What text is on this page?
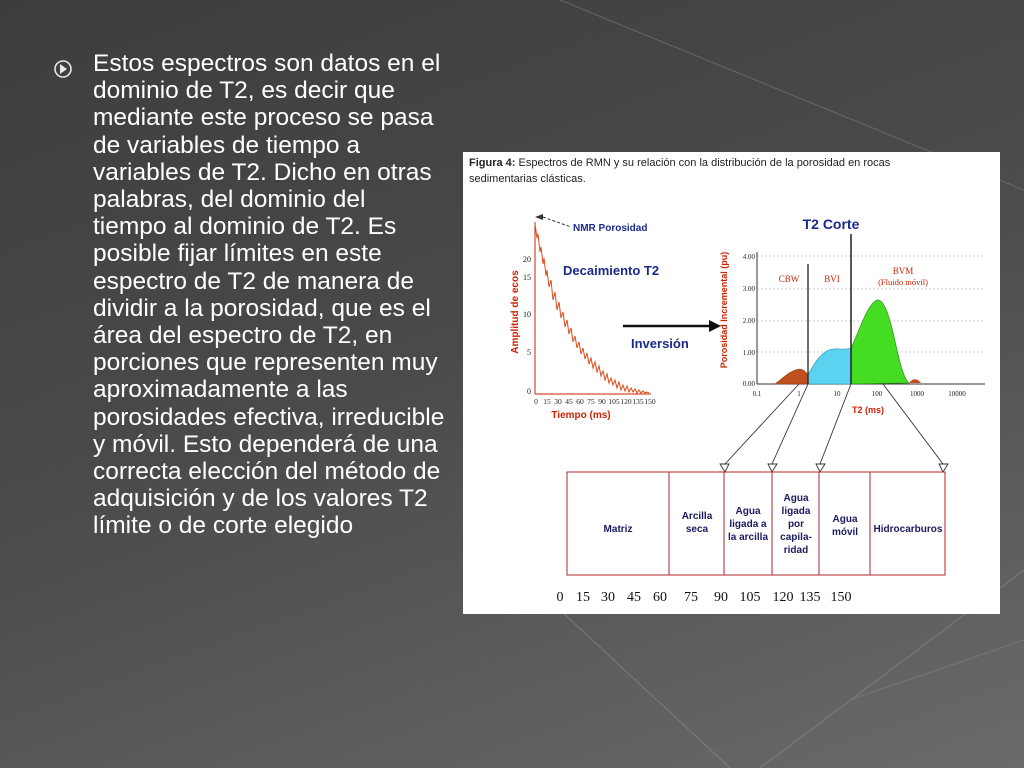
Estos espectros son datos en el dominio de T2, es decir que mediante este proceso se pasa de variables de tiempo a variables de T2. Dicho en otras palabras, del dominio del tiempo al dominio de T2. Es posible fijar límites en este espectro de T2 de manera de dividir a la porosidad, que es el área del espectro de T2, en porciones que representen muy aproximadamente a las porosidades efectiva, irreducible y móvil. Esto dependerá de una correcta elección del método de adquisición y de los valores T2 límite o de corte elegido

Figura 4: Espectros de RMN y su relación con la distribución de la porosidad en rocas
sedimentarias clásticas.
0
5
10
15
20
0 15 30 45 60 75 90 105 120 135 150
Amplitud de ecos
Tiempo (ms)
NMR Porosidad
Decaimiento T2
Inversión
T2 Corte
0.00
1.00
2.00
3.00
4.00
0.1	1	10	100	1000	10000
Porosidad Incremental (pu)
T2 (ms)
CBW	BVI
BVM
(Fluido móvil)
Matriz
Arcilla seca
Agua ligada a la arcilla
Agua ligada por capila-ridad
Agua móvil Hidrocarburos
0 15 30 45 60 75 90 105 120 135 150
